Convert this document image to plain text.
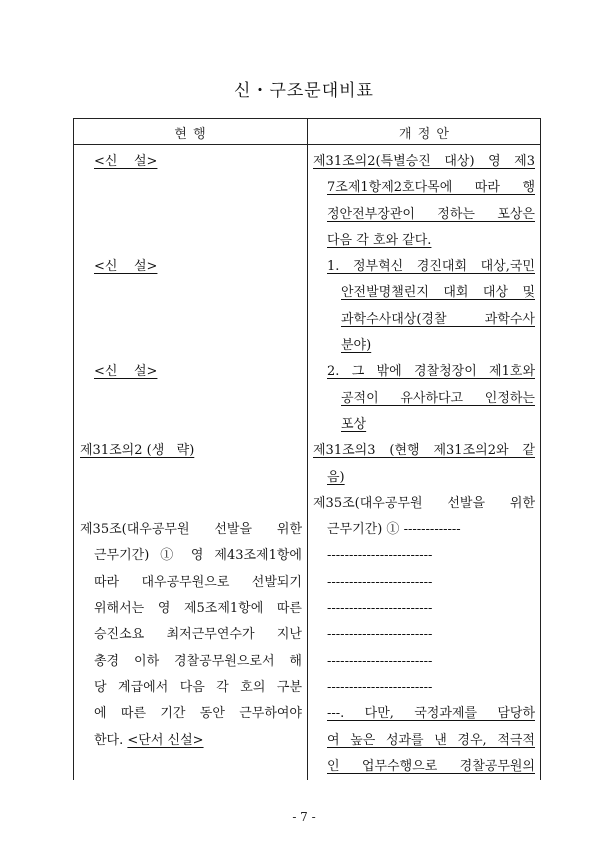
신・구조문대비표
현 행	개 정 안
<신    설>
<신    설>
<신    설>
제31조의2 (생   략)
제35조(대우공무원 선발을 위한
근무기간) ① 영 제43조제1항에
따라 대우공무원으로 선발되기
위해서는 영 제5조제1항에 따른
승진소요 최저근무연수가 지난
총경 이하 경찰공무원으로서 해
당 계급에서 다음 각 호의 구분
에 따른 기간 동안 근무하여야
한다. <단서 신설>
제31조의2(특별승진 대상) 영 제3
7조제1항제2호다목에 따라 행
정안전부장관이 정하는 포상은
다음 각 호와 같다.
1. 정부혁신 경진대회 대상,국민
안전발명챌린지 대회 대상 및
과학수사대상(경찰 과학수사
분야)
2. 그 밖에 경찰청장이 제1호와
공적이 유사하다고 인정하는
포상
제31조의3 (현행 제31조의2와 같
음)
제35조(대우공무원 선발을 위한
근무기간) ① -------------
------------------------
------------------------
------------------------
------------------------
------------------------
------------------------
---. 다만, 국정과제를 담당하
여 높은 성과를 낸 경우, 적극적
인 업무수행으로 경찰공무원의
- 7 -
